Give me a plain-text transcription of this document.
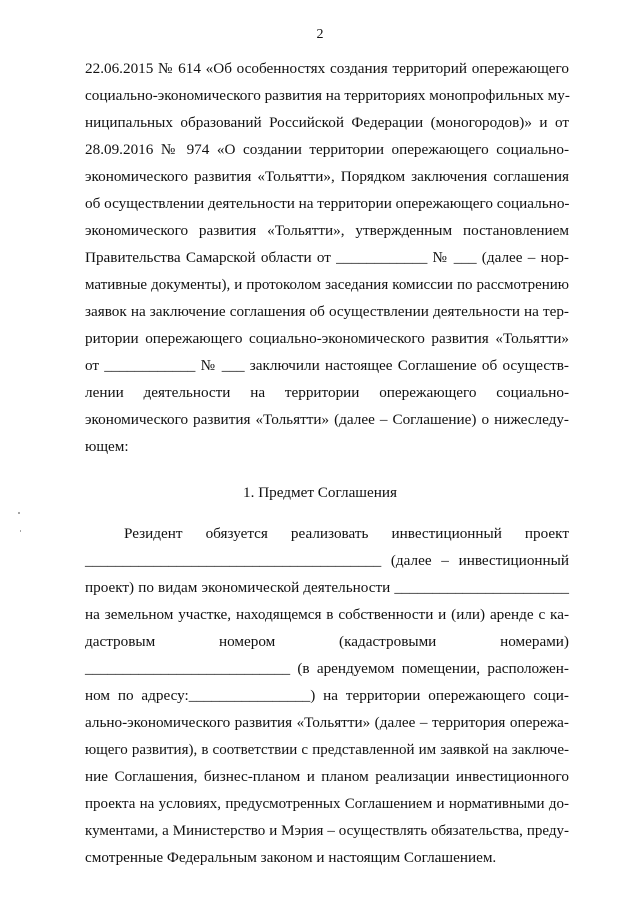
2
22.06.2015 № 614 «Об особенностях создания территорий опережающего
социально-экономического развития на территориях монопрофильных му-
ниципальных образований Российской Федерации (моногородов)» и от
28.09.2016 № 974 «О создании территории опережающего социально-
экономического развития «Тольятти», Порядком заключения соглашения
об осуществлении деятельности на территории опережающего социально-
экономического развития «Тольятти», утвержденным постановлением
Правительства Самарской области от ____________ № ___ (далее – нор-
мативные документы), и протоколом заседания комиссии по рассмотрению
заявок на заключение соглашения об осуществлении деятельности на тер-
ритории опережающего социально-экономического развития «Тольятти»
от ____________ № ___ заключили настоящее Соглашение об осуществ-
лении деятельности на территории опережающего социально-
экономического развития «Тольятти» (далее – Соглашение) о нижеследу-
ющем:
1. Предмет Соглашения
Резидент обязуется реализовать инвестиционный проект
_______________________________________ (далее – инвестиционный
проект) по видам экономической деятельности _______________________
на земельном участке, находящемся в собственности и (или) аренде с ка-
дастровым номером (кадастровыми номерами)
___________________________ (в арендуемом помещении, расположен-
ном по адресу:________________) на территории опережающего соци-
ально-экономического развития «Тольятти» (далее – территория опережа-
ющего развития), в соответствии с представленной им заявкой на заключе-
ние Соглашения, бизнес-планом и планом реализации инвестиционного
проекта на условиях, предусмотренных Соглашением и нормативными до-
кументами, а Министерство и Мэрия – осуществлять обязательства, преду-
смотренные Федеральным законом и настоящим Соглашением.
